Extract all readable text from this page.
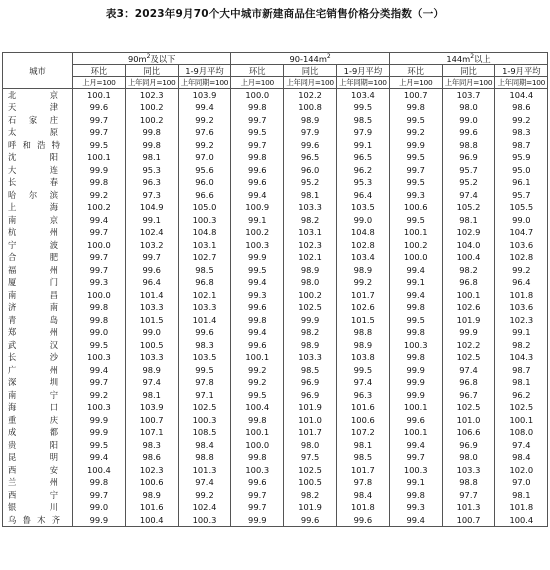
表3：2023年9月70个大中城市新建商品住宅销售价格分类指数（一）
城市	$90m^2$及以下			$90-144m^2$			$144m^2$以上		
	环比	同比	1-9月平均	环比	同比	1-9月平均	环比	同比	1-9月平均
	上月=100	上年同月=100	上年同期=100	上月=100	上年同月=100	上年同期=100	上月=100	上年同月=100	上年同期=100
北京	100.1	102.3	103.9	100.0	102.2	103.4	100.7	103.7	104.4
天津	99.6	100.2	99.4	99.8	100.8	99.5	99.8	98.0	98.6
石家庄	99.7	100.2	99.2	99.7	98.9	98.5	99.5	99.0	99.2
太原	99.7	99.8	97.6	99.5	97.9	97.9	99.2	99.6	98.3
呼和浩特	99.5	99.8	99.2	99.7	99.6	99.1	99.9	98.8	98.7
沈阳	100.1	98.1	97.0	99.8	96.5	96.5	99.5	96.9	95.9
大连	99.9	95.3	95.6	99.6	96.0	96.2	99.7	95.7	95.0
长春	99.8	96.3	96.0	99.6	95.2	95.3	99.5	95.2	96.1
哈尔滨	99.2	97.3	96.6	99.4	98.1	96.4	99.3	97.4	95.7
上海	100.2	104.9	105.0	100.9	103.3	103.5	100.6	105.2	105.5
南京	99.4	99.1	100.3	99.1	98.2	99.0	99.5	98.1	99.0
杭州	99.7	102.4	104.8	100.2	103.1	104.8	100.1	102.9	104.7
宁波	100.0	103.2	103.1	100.3	102.3	102.8	100.2	104.0	103.6
合肥	99.7	99.7	102.7	99.9	102.1	103.4	100.0	100.4	102.8
福州	99.7	99.6	98.5	99.5	98.9	98.9	99.4	98.2	99.2
厦门	99.3	96.4	96.8	99.4	98.0	99.2	99.1	96.8	96.4
南昌	100.0	101.4	102.1	99.3	100.2	101.7	99.4	100.1	101.8
济南	99.8	103.3	103.3	99.6	102.5	102.6	99.8	102.6	103.6
青岛	99.8	101.5	101.4	99.8	99.9	101.5	99.5	101.9	102.3
郑州	99.0	99.0	99.6	99.4	98.2	98.8	99.8	99.9	99.1
武汉	99.5	100.5	98.3	99.6	98.9	98.9	100.3	102.2	98.2
长沙	100.3	103.3	103.5	100.1	103.3	103.8	99.8	102.5	104.3
广州	99.4	98.9	99.5	99.2	98.5	99.5	99.9	97.4	98.7
深圳	99.7	97.4	97.8	99.2	96.9	97.4	99.9	96.8	98.1
南宁	99.2	98.1	97.1	99.5	96.9	96.3	99.9	96.7	96.2
海口	100.3	103.9	102.5	100.4	101.9	101.6	100.1	102.5	102.5
重庆	99.9	100.7	100.3	99.8	101.0	100.6	99.6	101.0	100.1
成都	99.9	107.1	108.5	100.1	101.7	107.2	100.1	106.6	108.0
贵阳	99.5	98.3	98.4	100.0	98.0	98.1	99.4	96.9	97.4
昆明	99.4	98.6	98.8	99.8	97.5	98.5	99.7	98.0	98.4
西安	100.4	102.3	101.3	100.3	102.5	101.7	100.3	103.3	102.0
兰州	99.8	100.6	97.4	99.6	100.5	97.8	99.1	98.8	97.0
西宁	99.7	98.9	99.2	99.7	98.2	98.4	99.8	97.7	98.1
银川	99.0	101.6	102.4	99.7	101.9	101.8	99.3	101.3	101.8
乌鲁木齐	99.9	100.4	100.3	99.9	99.6	99.6	99.4	100.7	100.4
